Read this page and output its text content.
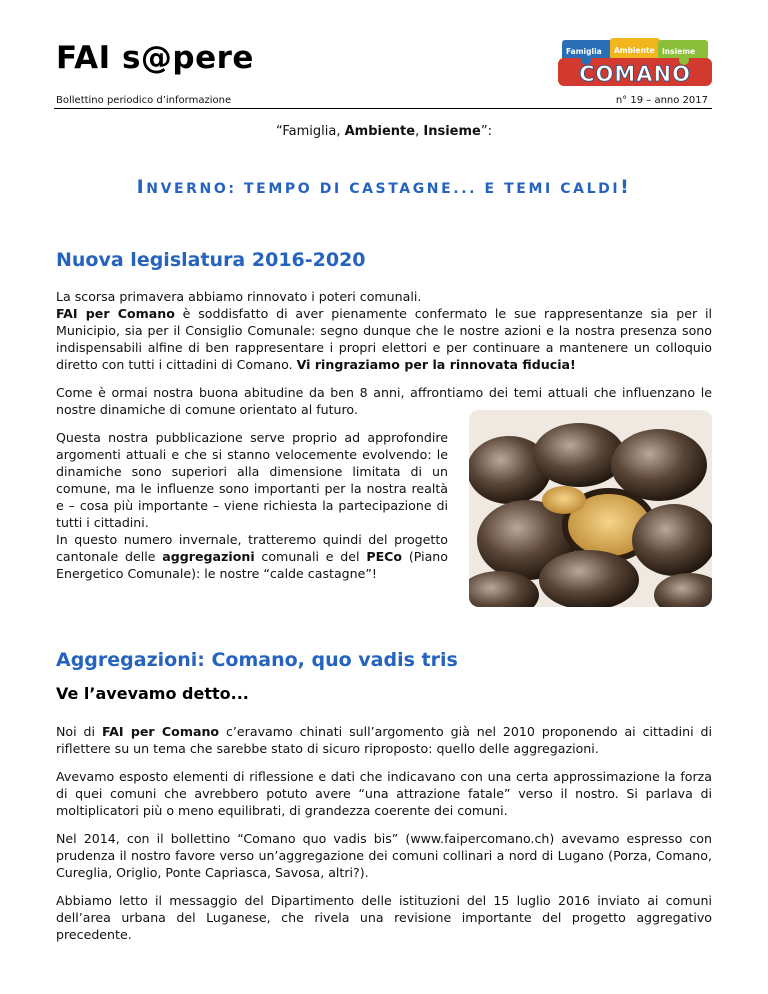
FAI s@pere
Bollettino periodico d’informazione	n° 19 – anno 2017
Famiglia Ambiente Insieme
COMANO
“Famiglia, Ambiente, Insieme”:
INVERNO: TEMPO DI CASTAGNE... E TEMI CALDI!
Nuova legislatura 2016-2020

La scorsa primavera abbiamo rinnovato i poteri comunali.
FAI per Comano è soddisfatto di aver pienamente confermato le sue rappresentanze sia per il Municipio, sia per il Consiglio Comunale: segno dunque che le nostre azioni e la nostra presenza sono indispensabili alfine di ben rappresentare i propri elettori e per continuare a mantenere un colloquio diretto con tutti i cittadini di Comano. Vi ringraziamo per la rinnovata fiducia!

Come è ormai nostra buona abitudine da ben 8 anni, affrontiamo dei temi attuali che influenzano le nostre dinamiche di comune orientato al futuro.

Questa nostra pubblicazione serve proprio ad approfondire argomenti attuali e che si stanno velocemente evolvendo: le dinamiche sono superiori alla dimensione limitata di un comune, ma le influenze sono importanti per la nostra realtà e – cosa più importante – viene richiesta la partecipazione di tutti i cittadini.
In questo numero invernale, tratteremo quindi del progetto cantonale delle aggregazioni comunali e del PECo (Piano Energetico Comunale): le nostre “calde castagne”!

Aggregazioni: Comano, quo vadis tris
Ve l’avevamo detto...

Noi di FAI per Comano c’eravamo chinati sull’argomento già nel 2010 proponendo ai cittadini di riflettere su un tema che sarebbe stato di sicuro riproposto: quello delle aggregazioni.

Avevamo esposto elementi di riflessione e dati che indicavano con una certa approssimazione la forza di quei comuni che avrebbero potuto avere “una attrazione fatale” verso il nostro. Si parlava di moltiplicatori più o meno equilibrati, di grandezza coerente dei comuni.

Nel 2014, con il bollettino “Comano quo vadis bis” (www.faipercomano.ch) avevamo espresso con prudenza il nostro favore verso un’aggregazione dei comuni collinari a nord di Lugano (Porza, Comano, Cureglia, Origlio, Ponte Capriasca, Savosa, altri?).

Abbiamo letto il messaggio del Dipartimento delle istituzioni del 15 luglio 2016 inviato ai comuni dell’area urbana del Luganese, che rivela una revisione importante del progetto aggregativo precedente.
